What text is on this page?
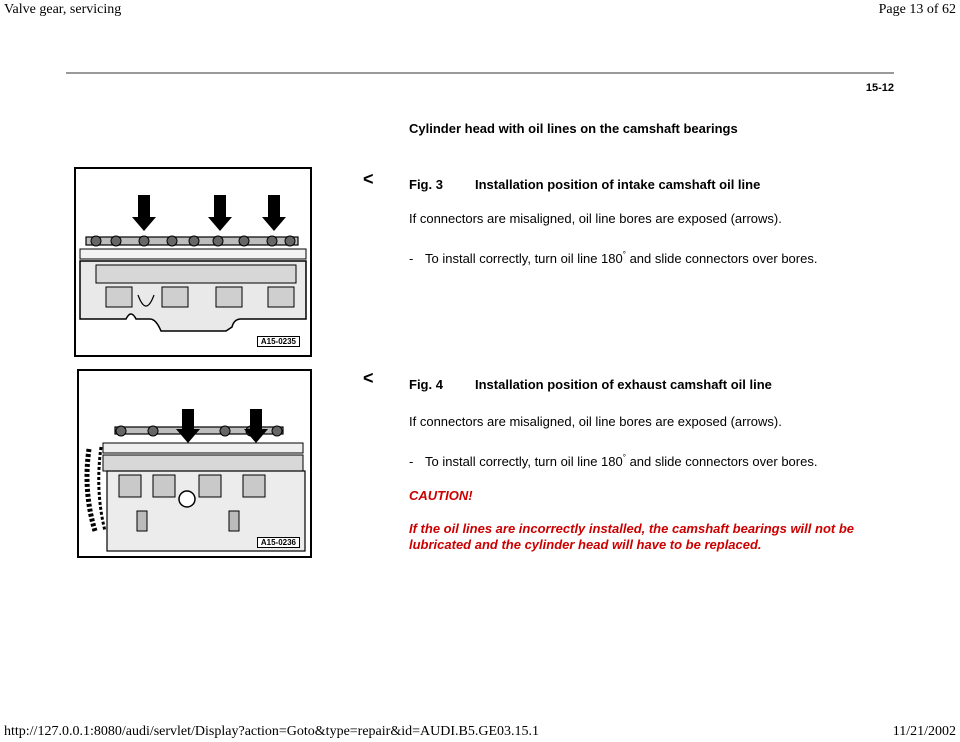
Valve gear, servicing	Page 13 of 62
15-12
Cylinder head with oil lines on the camshaft bearings
A15-0235
<	Fig. 3 Installation position of intake camshaft oil line
If connectors are misaligned, oil line bores are exposed (arrows).
- To install correctly, turn oil line 180° and slide connectors over bores.
A15-0236
<	Fig. 4 Installation position of exhaust camshaft oil line
If connectors are misaligned, oil line bores are exposed (arrows).
- To install correctly, turn oil line 180° and slide connectors over bores.
CAUTION!
If the oil lines are incorrectly installed, the camshaft bearings will not be lubricated and the cylinder head will have to be replaced.
http://127.0.0.1:8080/audi/servlet/Display?action=Goto&type=repair&id=AUDI.B5.GE03.15.1	11/21/2002
